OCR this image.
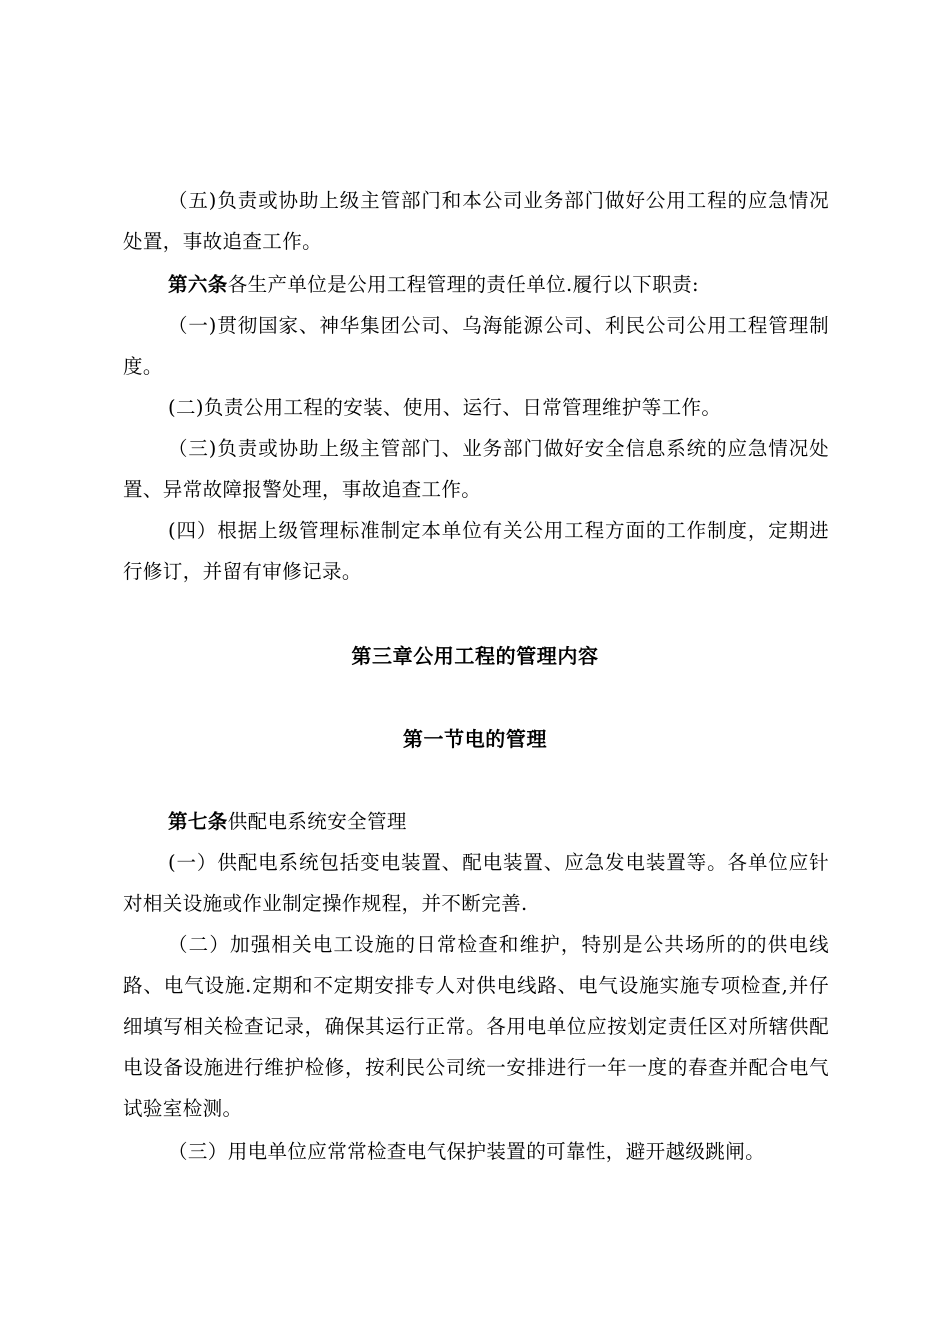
（五)负责或协助上级主管部门和本公司业务部门做好公用工程的应急情况处置，事故追查工作。

第六条各生产单位是公用工程管理的责任单位.履行以下职责:

（一)贯彻国家、神华集团公司、乌海能源公司、利民公司公用工程管理制度。

(二)负责公用工程的安装、使用、运行、日常管理维护等工作。

（三)负责或协助上级主管部门、业务部门做好安全信息系统的应急情况处置、异常故障报警处理，事故追查工作。

(四）根据上级管理标准制定本单位有关公用工程方面的工作制度，定期进行修订，并留有审修记录。

第三章公用工程的管理内容
第一节电的管理

第七条供配电系统安全管理

(一）供配电系统包括变电装置、配电装置、应急发电装置等。各单位应针对相关设施或作业制定操作规程，并不断完善.

（二）加强相关电工设施的日常检查和维护，特别是公共场所的的供电线路、电气设施.定期和不定期安排专人对供电线路、电气设施实施专项检查,并仔细填写相关检查记录，确保其运行正常。各用电单位应按划定责任区对所辖供配电设备设施进行维护检修，按利民公司统一安排进行一年一度的春查并配合电气试验室检测。

（三）用电单位应常常检查电气保护装置的可靠性，避开越级跳闸。
